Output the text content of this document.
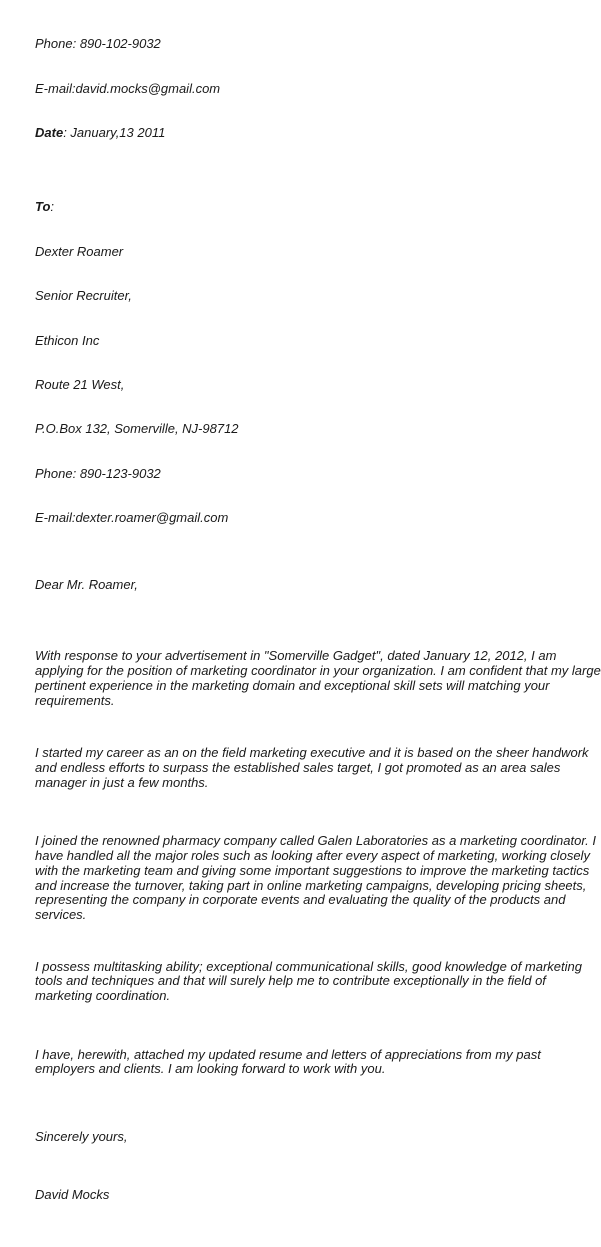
Phone: 890-102-9032

E-mail:david.mocks@gmail.com

Date: January,13 2011

To:

Dexter Roamer

Senior Recruiter,

Ethicon Inc

Route 21 West,

P.O.Box 132, Somerville, NJ-98712

Phone: 890-123-9032

E-mail:dexter.roamer@gmail.com

Dear Mr. Roamer,

With response to your advertisement in "Somerville Gadget", dated January 12, 2012, I am
applying for the position of marketing coordinator in your organization. I am confident that my large
pertinent experience in the marketing domain and exceptional skill sets will matching your
requirements.

I started my career as an on the field marketing executive and it is based on the sheer handwork
and endless efforts to surpass the established sales target, I got promoted as an area sales
manager in just a few months.

I joined the renowned pharmacy company called Galen Laboratories as a marketing coordinator. I
have handled all the major roles such as looking after every aspect of marketing, working closely
with the marketing team and giving some important suggestions to improve the marketing tactics
and increase the turnover, taking part in online marketing campaigns, developing pricing sheets,
representing the company in corporate events and evaluating the quality of the products and
services.

I possess multitasking ability; exceptional communicational skills, good knowledge of marketing
tools and techniques and that will surely help me to contribute exceptionally in the field of
marketing coordination.

I have, herewith, attached my updated resume and letters of appreciations from my past
employers and clients. I am looking forward to work with you.

Sincerely yours,

David Mocks
